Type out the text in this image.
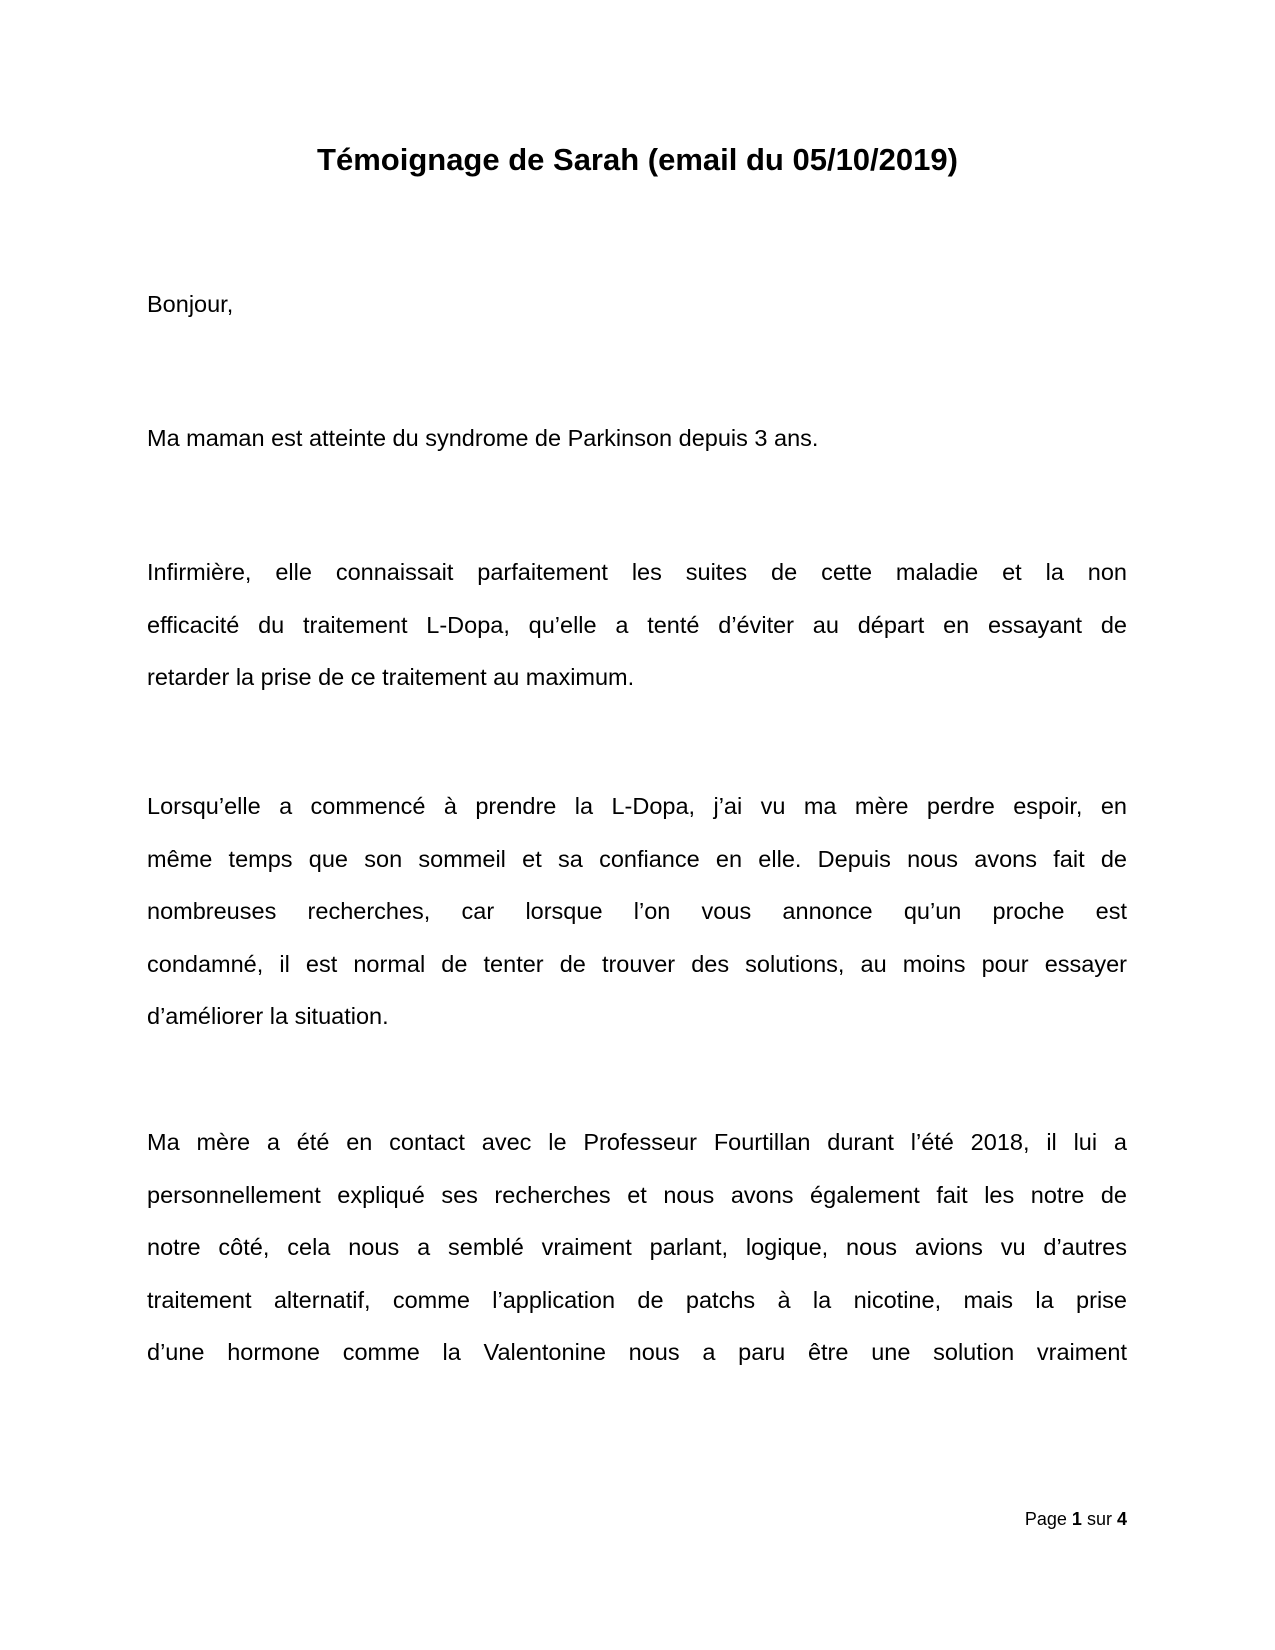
Témoignage de Sarah (email du 05/10/2019)

Bonjour,

Ma maman est atteinte du syndrome de Parkinson depuis 3 ans.

Infirmière, elle connaissait parfaitement les suites de cette maladie et la non
efficacité du traitement L-Dopa, qu’elle a tenté d’éviter au départ en essayant de
retarder la prise de ce traitement au maximum.

Lorsqu’elle a commencé à prendre la L-Dopa, j’ai vu ma mère perdre espoir, en
même temps que son sommeil et sa confiance en elle. Depuis nous avons fait de
nombreuses recherches, car lorsque l’on vous annonce qu’un proche est
condamné, il est normal de tenter de trouver des solutions, au moins pour essayer
d’améliorer la situation.

Ma mère a été en contact avec le Professeur Fourtillan durant l’été 2018, il lui a
personnellement expliqué ses recherches et nous avons également fait les notre de
notre côté, cela nous a semblé vraiment parlant, logique, nous avions vu d’autres
traitement alternatif, comme l’application de patchs à la nicotine, mais la prise
d’une hormone comme la Valentonine nous a paru être une solution vraiment

Page 1 sur 4
